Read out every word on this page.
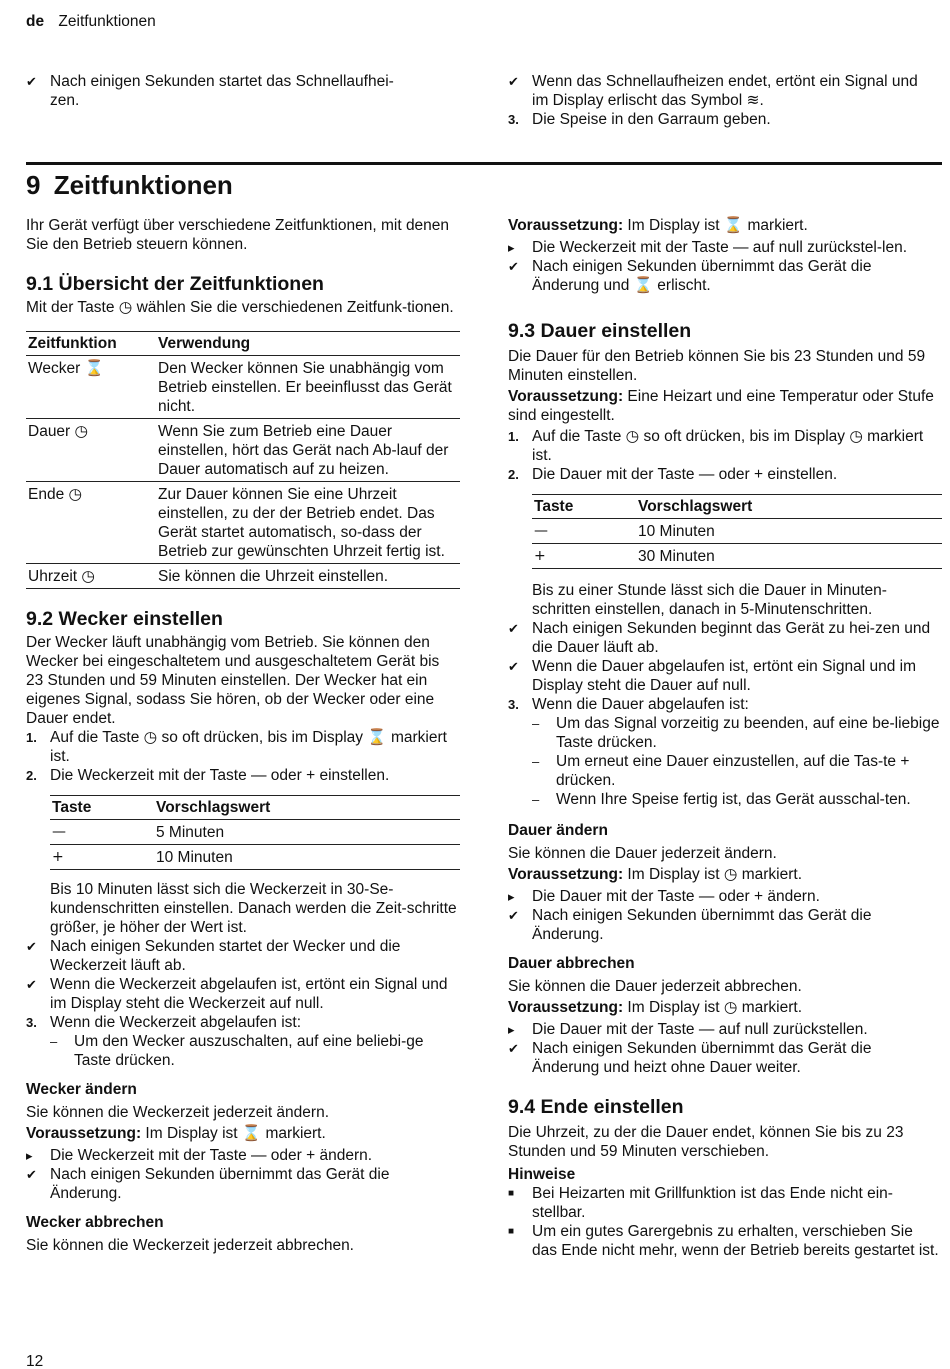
de Zeitfunktionen
✔ Nach einigen Sekunden startet das Schnellaufhei-
zen.
✔ Wenn das Schnellaufheizen endet, ertönt ein Signal und im Display erlischt das Symbol ≋.
3. Die Speise in den Garraum geben.
9 Zeitfunktionen

Ihr Gerät verfügt über verschiedene Zeitfunktionen, mit denen Sie den Betrieb steuern können.

9.1 Übersicht der Zeitfunktionen

Mit der Taste ◷ wählen Sie die verschiedenen Zeitfunk-tionen.

Zeitfunktion	Verwendung
Wecker ⌛	Den Wecker können Sie unabhängig vom Betrieb einstellen. Er beeinflusst das Gerät nicht.
Dauer ◷	Wenn Sie zum Betrieb eine Dauer einstellen, hört das Gerät nach Ab-lauf der Dauer automatisch auf zu heizen.
Ende ◷	Zur Dauer können Sie eine Uhrzeit einstellen, zu der der Betrieb endet. Das Gerät startet automatisch, so-dass der Betrieb zur gewünschten Uhrzeit fertig ist.
Uhrzeit ◷	Sie können die Uhrzeit einstellen.
9.2 Wecker einstellen

Der Wecker läuft unabhängig vom Betrieb. Sie können den Wecker bei eingeschaltetem und ausgeschaltetem Gerät bis 23 Stunden und 59 Minuten einstellen. Der Wecker hat ein eigenes Signal, sodass Sie hören, ob der Wecker oder eine Dauer endet.

1. Auf die Taste ◷ so oft drücken, bis im Display ⌛ markiert ist.
2. Die Weckerzeit mit der Taste — oder + einstellen.
Taste	Vorschlagswert
—	5 Minuten
+	10 Minuten

Bis 10 Minuten lässt sich die Weckerzeit in 30-Se-kundenschritten einstellen. Danach werden die Zeit-schritte größer, je höher der Wert ist.

✔ Nach einigen Sekunden startet der Wecker und die Weckerzeit läuft ab.
✔ Wenn die Weckerzeit abgelaufen ist, ertönt ein Signal und im Display steht die Weckerzeit auf null.
3. Wenn die Weckerzeit abgelaufen ist:
–	Um den Wecker auszuschalten, auf eine beliebi-ge Taste drücken.
Wecker ändern

Sie können die Weckerzeit jederzeit ändern.

Voraussetzung: Im Display ist ⌛ markiert.

▸	Die Weckerzeit mit der Taste — oder + ändern.
✔ Nach einigen Sekunden übernimmt das Gerät die Änderung.
Wecker abbrechen

Sie können die Weckerzeit jederzeit abbrechen.

Voraussetzung: Im Display ist ⌛ markiert.

▸	Die Weckerzeit mit der Taste — auf null zurückstel-len.
✔ Nach einigen Sekunden übernimmt das Gerät die Änderung und ⌛ erlischt.
9.3 Dauer einstellen

Die Dauer für den Betrieb können Sie bis 23 Stunden und 59 Minuten einstellen.

Voraussetzung: Eine Heizart und eine Temperatur oder Stufe sind eingestellt.

1. Auf die Taste ◷ so oft drücken, bis im Display ◷ markiert ist.
2. Die Dauer mit der Taste — oder + einstellen.
Taste	Vorschlagswert
—	10 Minuten
+	30 Minuten

Bis zu einer Stunde lässt sich die Dauer in Minuten-schritten einstellen, danach in 5-Minutenschritten.

✔ Nach einigen Sekunden beginnt das Gerät zu hei-zen und die Dauer läuft ab.
✔ Wenn die Dauer abgelaufen ist, ertönt ein Signal und im Display steht die Dauer auf null.
3. Wenn die Dauer abgelaufen ist:
–	Um das Signal vorzeitig zu beenden, auf eine be-liebige Taste drücken.
–	Um erneut eine Dauer einzustellen, auf die Tas-te + drücken.
–	Wenn Ihre Speise fertig ist, das Gerät ausschal-ten.
Dauer ändern

Sie können die Dauer jederzeit ändern.

Voraussetzung: Im Display ist ◷ markiert.

▸	Die Dauer mit der Taste — oder + ändern.
✔ Nach einigen Sekunden übernimmt das Gerät die Änderung.
Dauer abbrechen

Sie können die Dauer jederzeit abbrechen.

Voraussetzung: Im Display ist ◷ markiert.

▸	Die Dauer mit der Taste — auf null zurückstellen.
✔ Nach einigen Sekunden übernimmt das Gerät die Änderung und heizt ohne Dauer weiter.
9.4 Ende einstellen

Die Uhrzeit, zu der die Dauer endet, können Sie bis zu 23 Stunden und 59 Minuten verschieben.

Hinweise
■	Bei Heizarten mit Grillfunktion ist das Ende nicht ein-stellbar.
■	Um ein gutes Garergebnis zu erhalten, verschieben Sie das Ende nicht mehr, wenn der Betrieb bereits gestartet ist.
12
